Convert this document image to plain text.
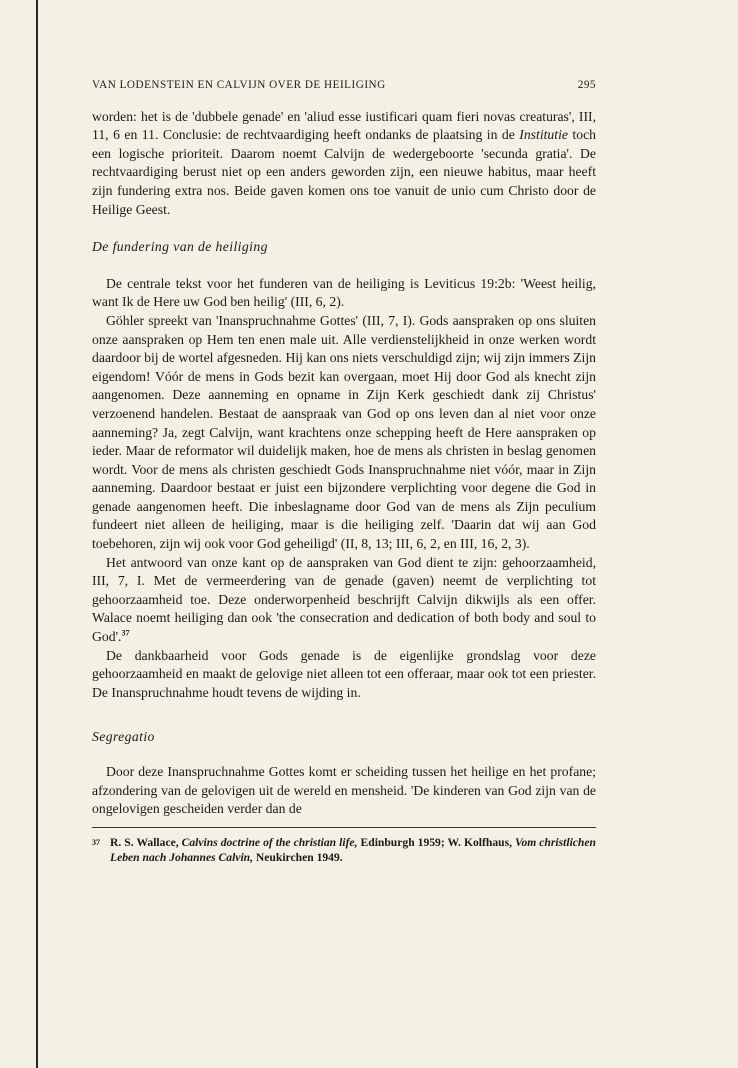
VAN LODENSTEIN EN CALVIJN OVER DE HEILIGING	295

worden: het is de 'dubbele genade' en 'aliud esse iustificari quam fieri novas creaturas', III, 11, 6 en 11. Conclusie: de rechtvaardiging heeft ondanks de plaatsing in de Institutie toch een logische prioriteit. Daarom noemt Calvijn de wedergeboorte 'secunda gratia'. De rechtvaardiging berust niet op een anders geworden zijn, een nieuwe habitus, maar heeft zijn fundering extra nos. Beide gaven komen ons toe vanuit de unio cum Christo door de Heilige Geest.

De fundering van de heiliging

De centrale tekst voor het funderen van de heiliging is Leviticus 19:2b: 'Weest heilig, want Ik de Here uw God ben heilig' (III, 6, 2).

Göhler spreekt van 'Inanspruchnahme Gottes' (III, 7, I). Gods aanspraken op ons sluiten onze aanspraken op Hem ten enen male uit. Alle verdienstelijkheid in onze werken wordt daardoor bij de wortel afgesneden. Hij kan ons niets verschuldigd zijn; wij zijn immers Zijn eigendom! Vóór de mens in Gods bezit kan overgaan, moet Hij door God als knecht zijn aangenomen. Deze aanneming en opname in Zijn Kerk geschiedt dank zij Christus' verzoenend handelen. Bestaat de aanspraak van God op ons leven dan al niet voor onze aanneming? Ja, zegt Calvijn, want krachtens onze schepping heeft de Here aanspraken op ieder. Maar de reformator wil duidelijk maken, hoe de mens als christen in beslag genomen wordt. Voor de mens als christen geschiedt Gods Inanspruchnahme niet vóór, maar in Zijn aanneming. Daardoor bestaat er juist een bijzondere verplichting voor degene die God in genade aangenomen heeft. Die inbeslagname door God van de mens als Zijn peculium fundeert niet alleen de heiliging, maar is die heiliging zelf. 'Daarin dat wij aan God toebehoren, zijn wij ook voor God geheiligd' (II, 8, 13; III, 6, 2, en III, 16, 2, 3).

Het antwoord van onze kant op de aanspraken van God dient te zijn: gehoorzaamheid, III, 7, I. Met de vermeerdering van de genade (gaven) neemt de verplichting tot gehoorzaamheid toe. Deze onderworpenheid beschrijft Calvijn dikwijls als een offer. Walace noemt heiliging dan ook 'the consecration and dedication of both body and soul to God'.$^{37}$

De dankbaarheid voor Gods genade is de eigenlijke grondslag voor deze gehoorzaamheid en maakt de gelovige niet alleen tot een offeraar, maar ook tot een priester. De Inanspruchnahme houdt tevens de wijding in.

Segregatio

Door deze Inanspruchnahme Gottes komt er scheiding tussen het heilige en het profane; afzondering van de gelovigen uit de wereld en mensheid. 'De kinderen van God zijn van de ongelovigen gescheiden verder dan de

37 R. S. Wallace, Calvins doctrine of the christian life, Edinburgh 1959; W. Kolfhaus, Vom christlichen Leben nach Johannes Calvin, Neukirchen 1949.
